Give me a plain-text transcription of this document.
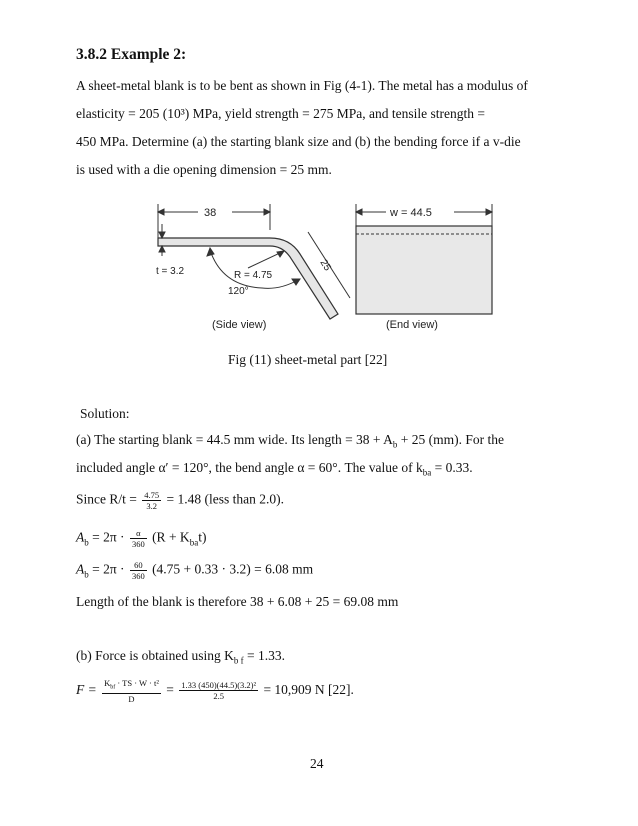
3.8.2 Example 2:
A sheet-metal blank is to be bent as shown in Fig (4-1). The metal has a modulus of
elasticity = 205 (10³) MPa, yield strength = 275 MPa, and tensile strength =
450 MPa. Determine (a) the starting blank size and (b) the bending force if a v-die
is used with a die opening dimension = 25 mm.
38
t = 3.2	R = 4.75
120°
25
(Side view)
w = 44.5
(End view)
Fig (11) sheet-metal part [22]
Solution:
(a) The starting blank = 44.5 mm wide. Its length = $38 + A_b + 25$ (mm). For the
included angle α′ = 120°, the bend angle α = 60°. The value of $k_{ba} = 0.33$.
Since $R/t = \frac{4.75}{3.2} = 1.48$ (less than 2.0).
$A_b = 2\pi \cdot \frac{\alpha}{360} (R + K_{ba}t)$
$A_b = 2\pi \cdot \frac{60}{360} (4.75 + 0.33 \cdot 3.2) = 6.08$ mm
Length of the blank is therefore 38 + 6.08 + 25 = 69.08 mm
(b) Force is obtained using $K_{b f} = 1.33$.
$F = \frac{K_{bf} \cdot TS \cdot W \cdot t^2}{D} = \frac{\text{1.33 (450)(44.5)(3.2)²}}{2.5} = 10,909$ N [22].
24
